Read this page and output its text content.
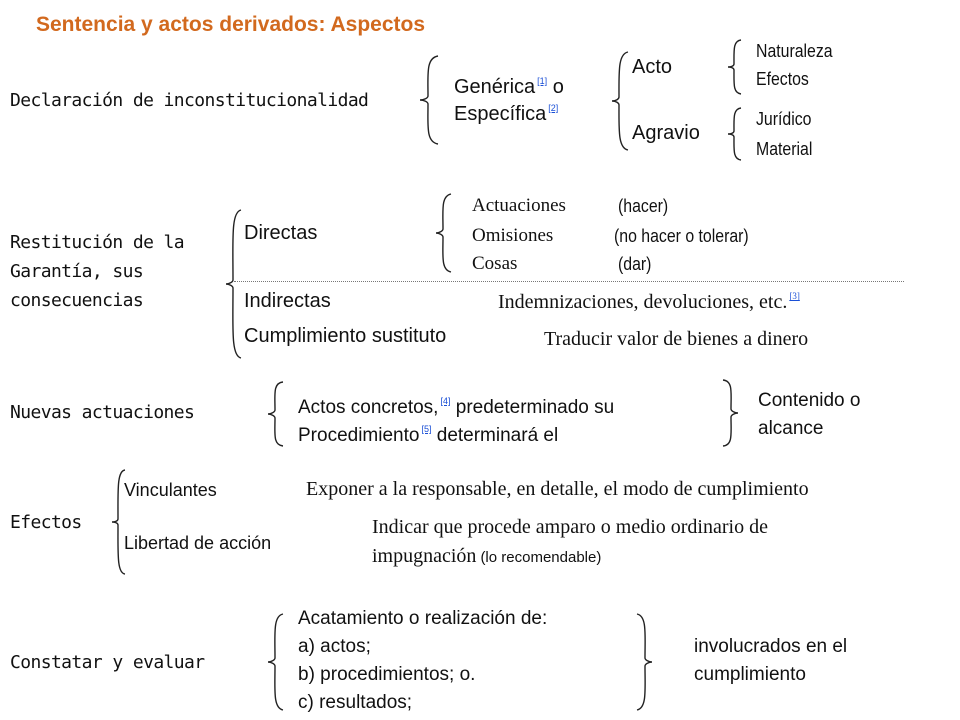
Sentencia y actos derivados: Aspectos
Declaración de inconstitucionalidad
Genérica [1] o
Específica [2]
Acto
Agravio
Naturaleza
Efectos
Jurídico
Material
Restitución de la
Garantía, sus
consecuencias
Directas
Actuaciones	(hacer)
Omisiones	(no hacer o tolerar)
Cosas	(dar)
Indirectas	Indemnizaciones, devoluciones, etc. [3]
Cumplimiento sustituto	Traducir valor de bienes a dinero
Nuevas actuaciones	Actos concretos, [4] predeterminado su
Procedimiento [5] determinará el
Contenido o
alcance
Efectos
Vinculantes	Exponer a la responsable, en detalle, el modo de cumplimiento
Libertad de acción
Indicar que procede amparo o medio ordinario de
impugnación (lo recomendable)
Constatar y evaluar
Acatamiento o realización de:
a) actos;
b) procedimientos; o.
c) resultados;
involucrados en el
cumplimiento
